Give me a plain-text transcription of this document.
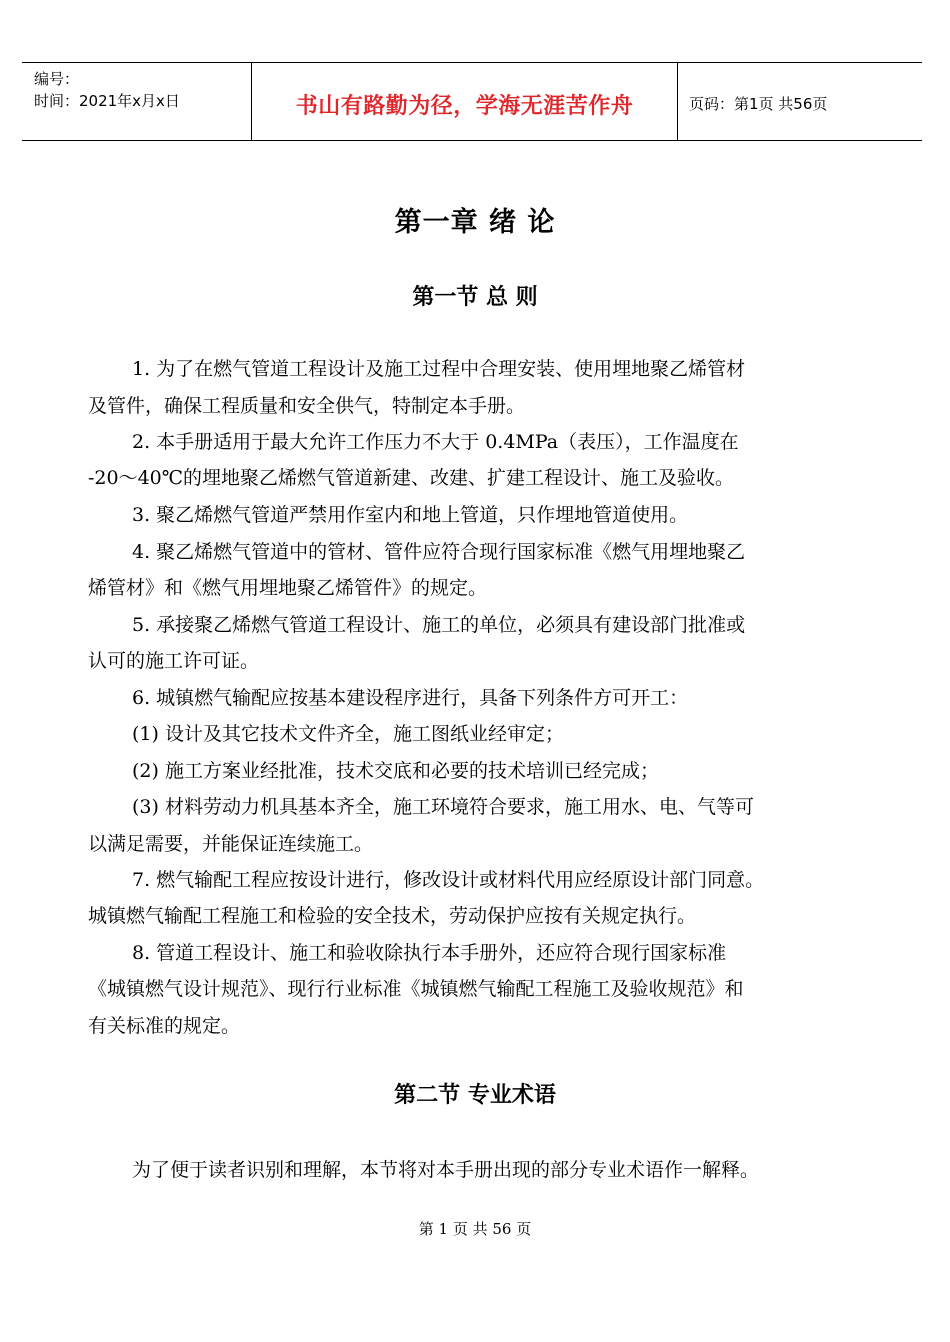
编号：
时间：2021年x月x日	书山有路勤为径，学海无涯苦作舟	页码：第1页 共56页
第一章 绪 论
第一节 总 则
1. 为了在燃气管道工程设计及施工过程中合理安装、使用埋地聚乙烯管材
及管件，确保工程质量和安全供气，特制定本手册。
2. 本手册适用于最大允许工作压力不大于 0.4MPa（表压），工作温度在
-20～40℃的埋地聚乙烯燃气管道新建、改建、扩建工程设计、施工及验收。
3. 聚乙烯燃气管道严禁用作室内和地上管道，只作埋地管道使用。
4. 聚乙烯燃气管道中的管材、管件应符合现行国家标准《燃气用埋地聚乙
烯管材》和《燃气用埋地聚乙烯管件》的规定。
5. 承接聚乙烯燃气管道工程设计、施工的单位，必须具有建设部门批准或
认可的施工许可证。
6. 城镇燃气输配应按基本建设程序进行，具备下列条件方可开工：
(1) 设计及其它技术文件齐全，施工图纸业经审定；
(2) 施工方案业经批准，技术交底和必要的技术培训已经完成；
(3) 材料劳动力机具基本齐全，施工环境符合要求，施工用水、电、气等可
以满足需要，并能保证连续施工。
7. 燃气输配工程应按设计进行，修改设计或材料代用应经原设计部门同意。
城镇燃气输配工程施工和检验的安全技术，劳动保护应按有关规定执行。
8. 管道工程设计、施工和验收除执行本手册外，还应符合现行国家标准
《城镇燃气设计规范》、现行行业标准《城镇燃气输配工程施工及验收规范》和
有关标准的规定。
第二节 专业术语
为了便于读者识别和理解，本节将对本手册出现的部分专业术语作一解释。
第 1 页 共 56 页
